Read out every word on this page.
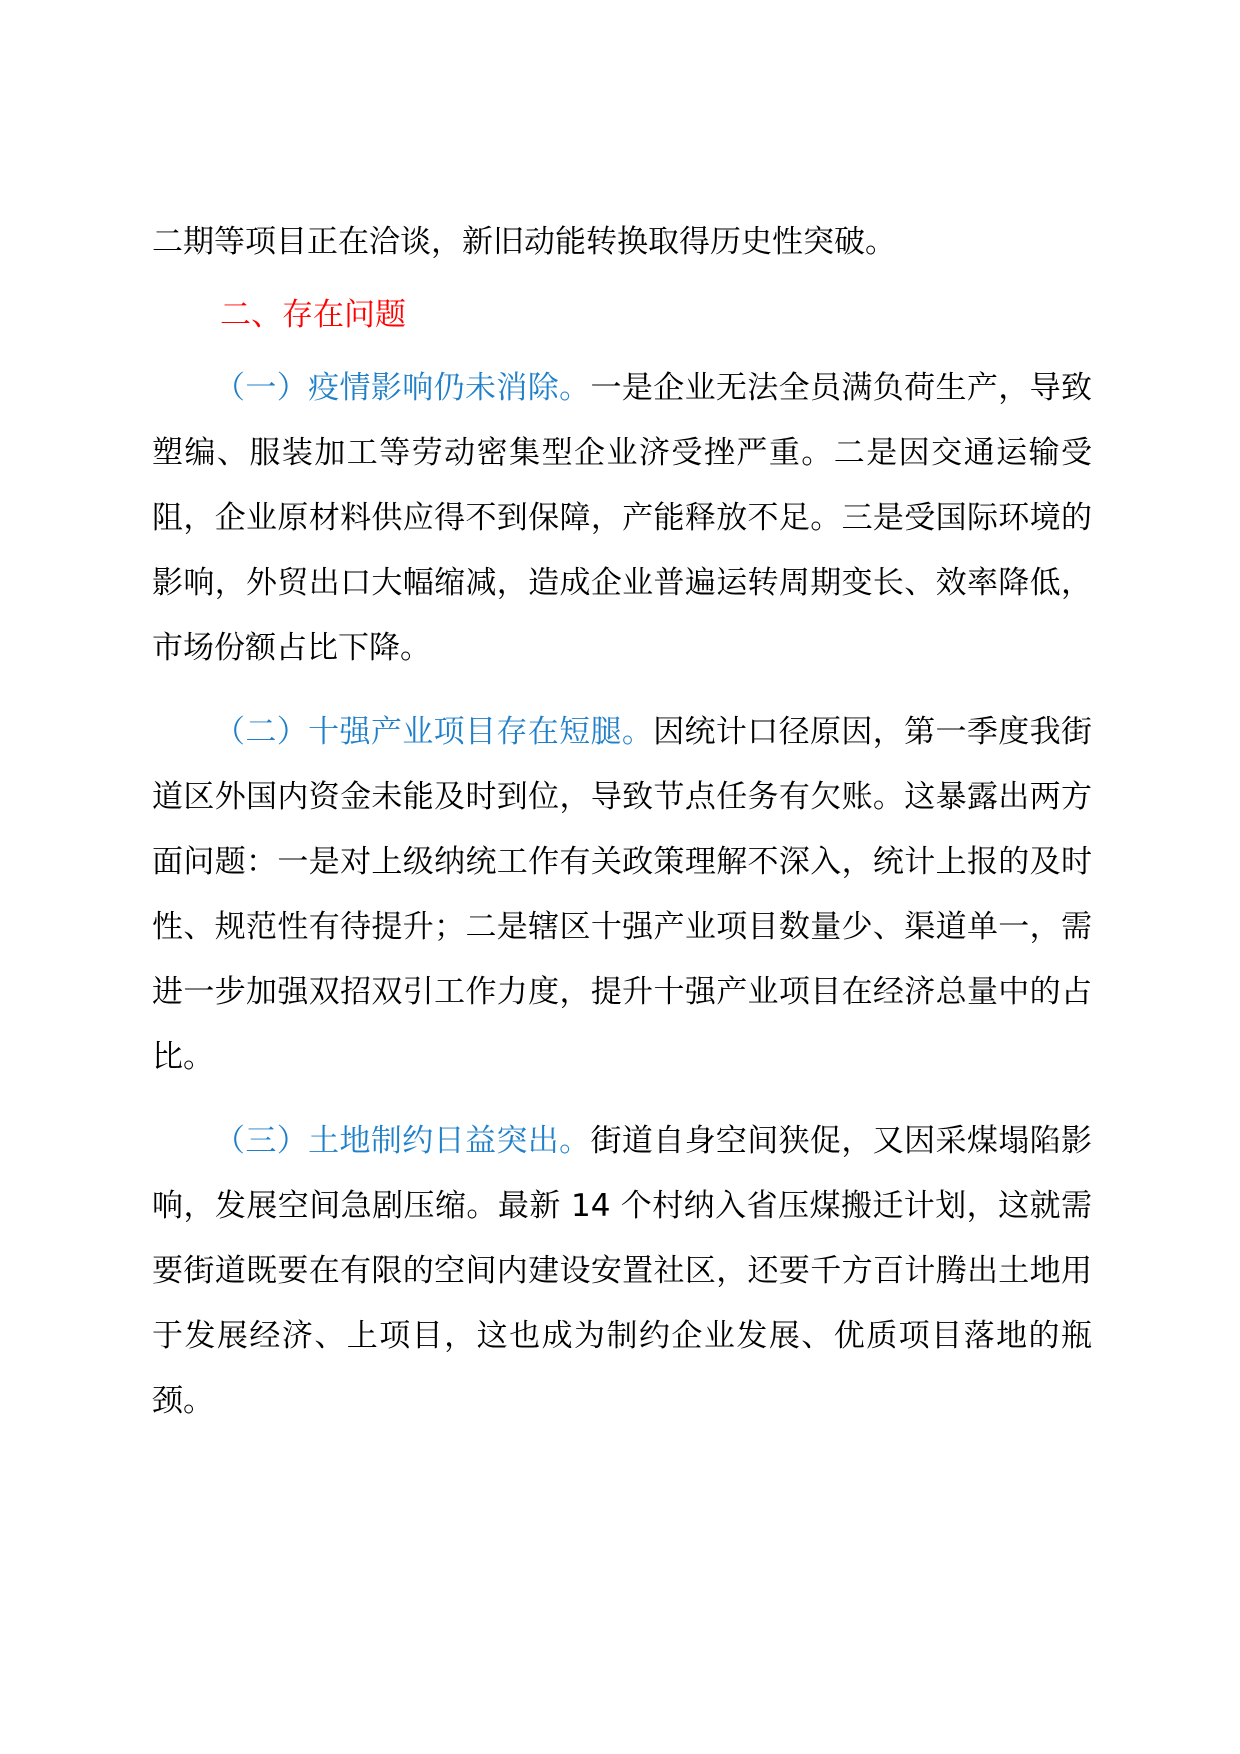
二期等项目正在洽谈，新旧动能转换取得历史性突破。

二、存在问题

（一）疫情影响仍未消除。一是企业无法全员满负荷生产，导致塑编、服装加工等劳动密集型企业济受挫严重。二是因交通运输受阻，企业原材料供应得不到保障，产能释放不足。三是受国际环境的影响，外贸出口大幅缩减，造成企业普遍运转周期变长、效率降低，市场份额占比下降。

（二）十强产业项目存在短腿。因统计口径原因，第一季度我街道区外国内资金未能及时到位，导致节点任务有欠账。这暴露出两方面问题：一是对上级纳统工作有关政策理解不深入，统计上报的及时性、规范性有待提升；二是辖区十强产业项目数量少、渠道单一，需进一步加强双招双引工作力度，提升十强产业项目在经济总量中的占比。

（三）土地制约日益突出。街道自身空间狭促，又因采煤塌陷影响，发展空间急剧压缩。最新 14 个村纳入省压煤搬迁计划，这就需要街道既要在有限的空间内建设安置社区，还要千方百计腾出土地用于发展经济、上项目，这也成为制约企业发展、优质项目落地的瓶颈。
